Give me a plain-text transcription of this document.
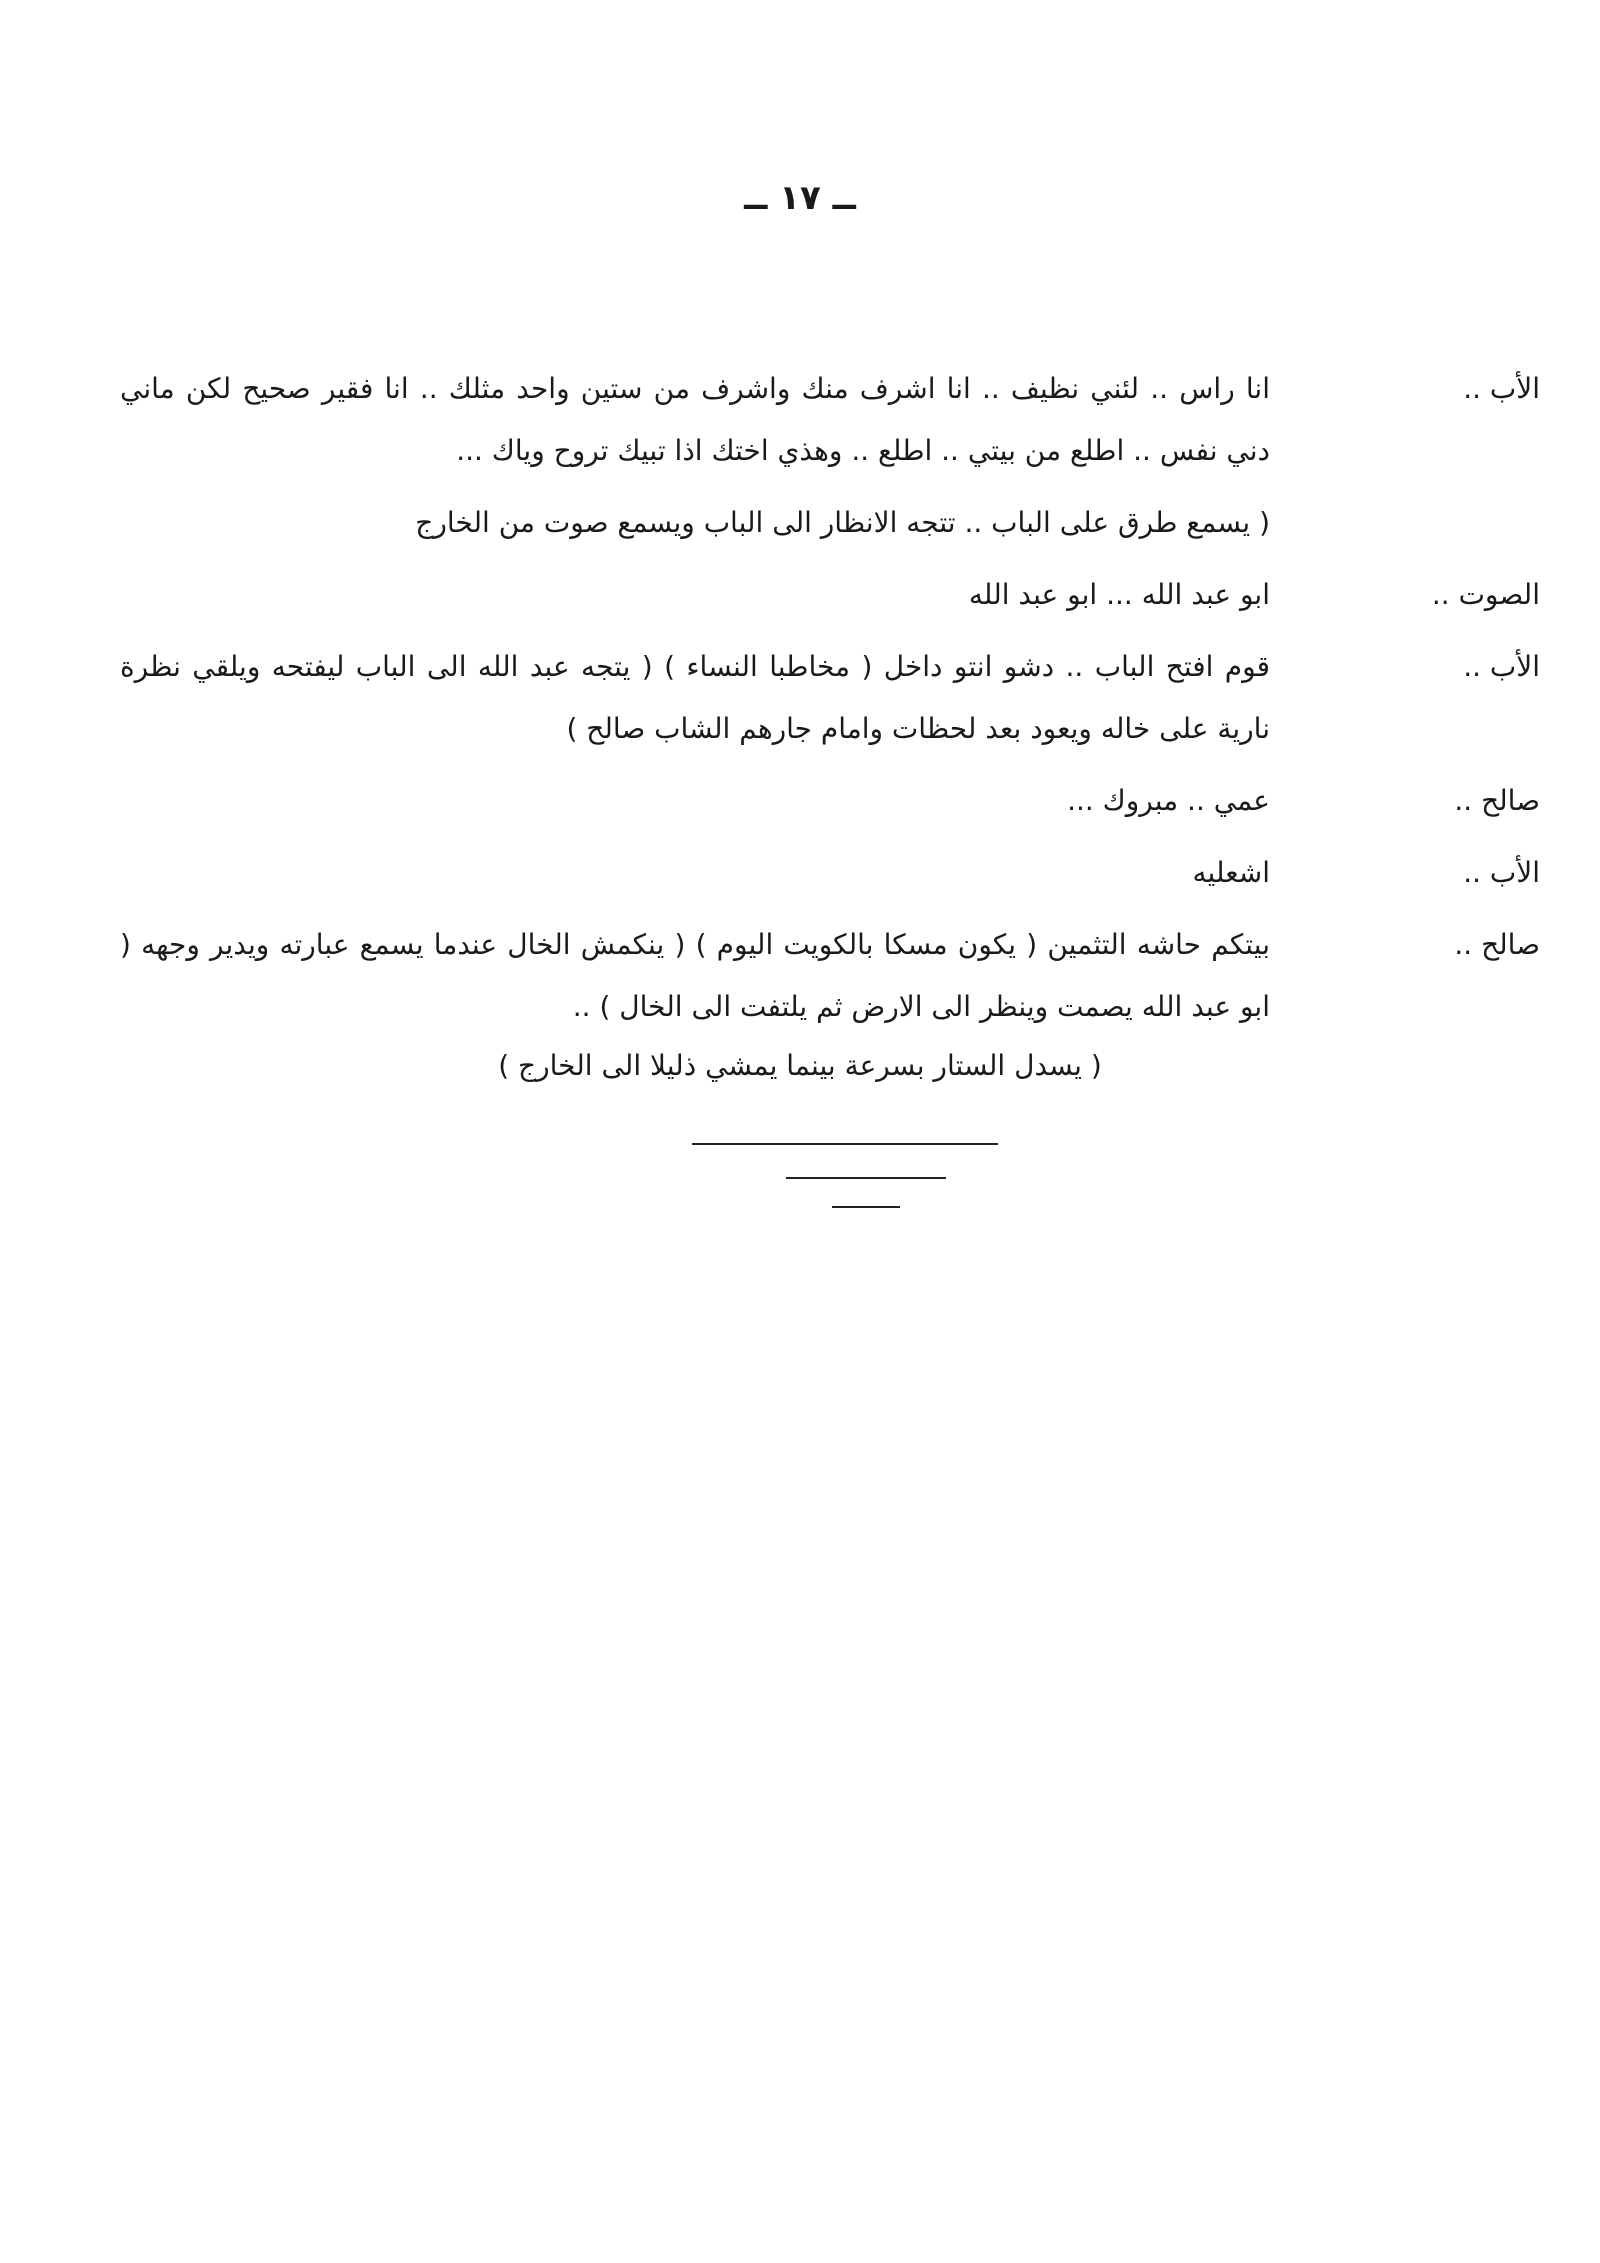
ــ ١٧ ــ
الأب ..
انا راس .. لئني نظيف .. انا اشرف منك واشرف من ستين واحد مثلك .. انا فقير صحيح لكن ماني دني نفس .. اطلع من بيتي .. اطلع .. وهذي اختك اذا تبيك تروح وياك ...
( يسمع طرق على الباب .. تتجه الانظار الى الباب ويسمع صوت من الخارج
الصوت ..
ابو عبد الله ... ابو عبد الله
الأب ..
قوم افتح الباب .. دشو انتو داخل ( مخاطبا النساء ) ( يتجه عبد الله الى الباب ليفتحه ويلقي نظرة نارية على خاله ويعود بعد لحظات وامام جارهم الشاب صالح )
صالح ..
عمي .. مبروك ...
الأب ..
اشعليه
صالح ..
بيتكم حاشه التثمين ( يكون مسكا بالكويت اليوم ) ( ينكمش الخال عندما يسمع عبارته ويدير وجهه ( ابو عبد الله يصمت وينظر الى الارض ثم يلتفت الى الخال ) ..
( يسدل الستار بسرعة بينما يمشي ذليلا الى الخارج )
